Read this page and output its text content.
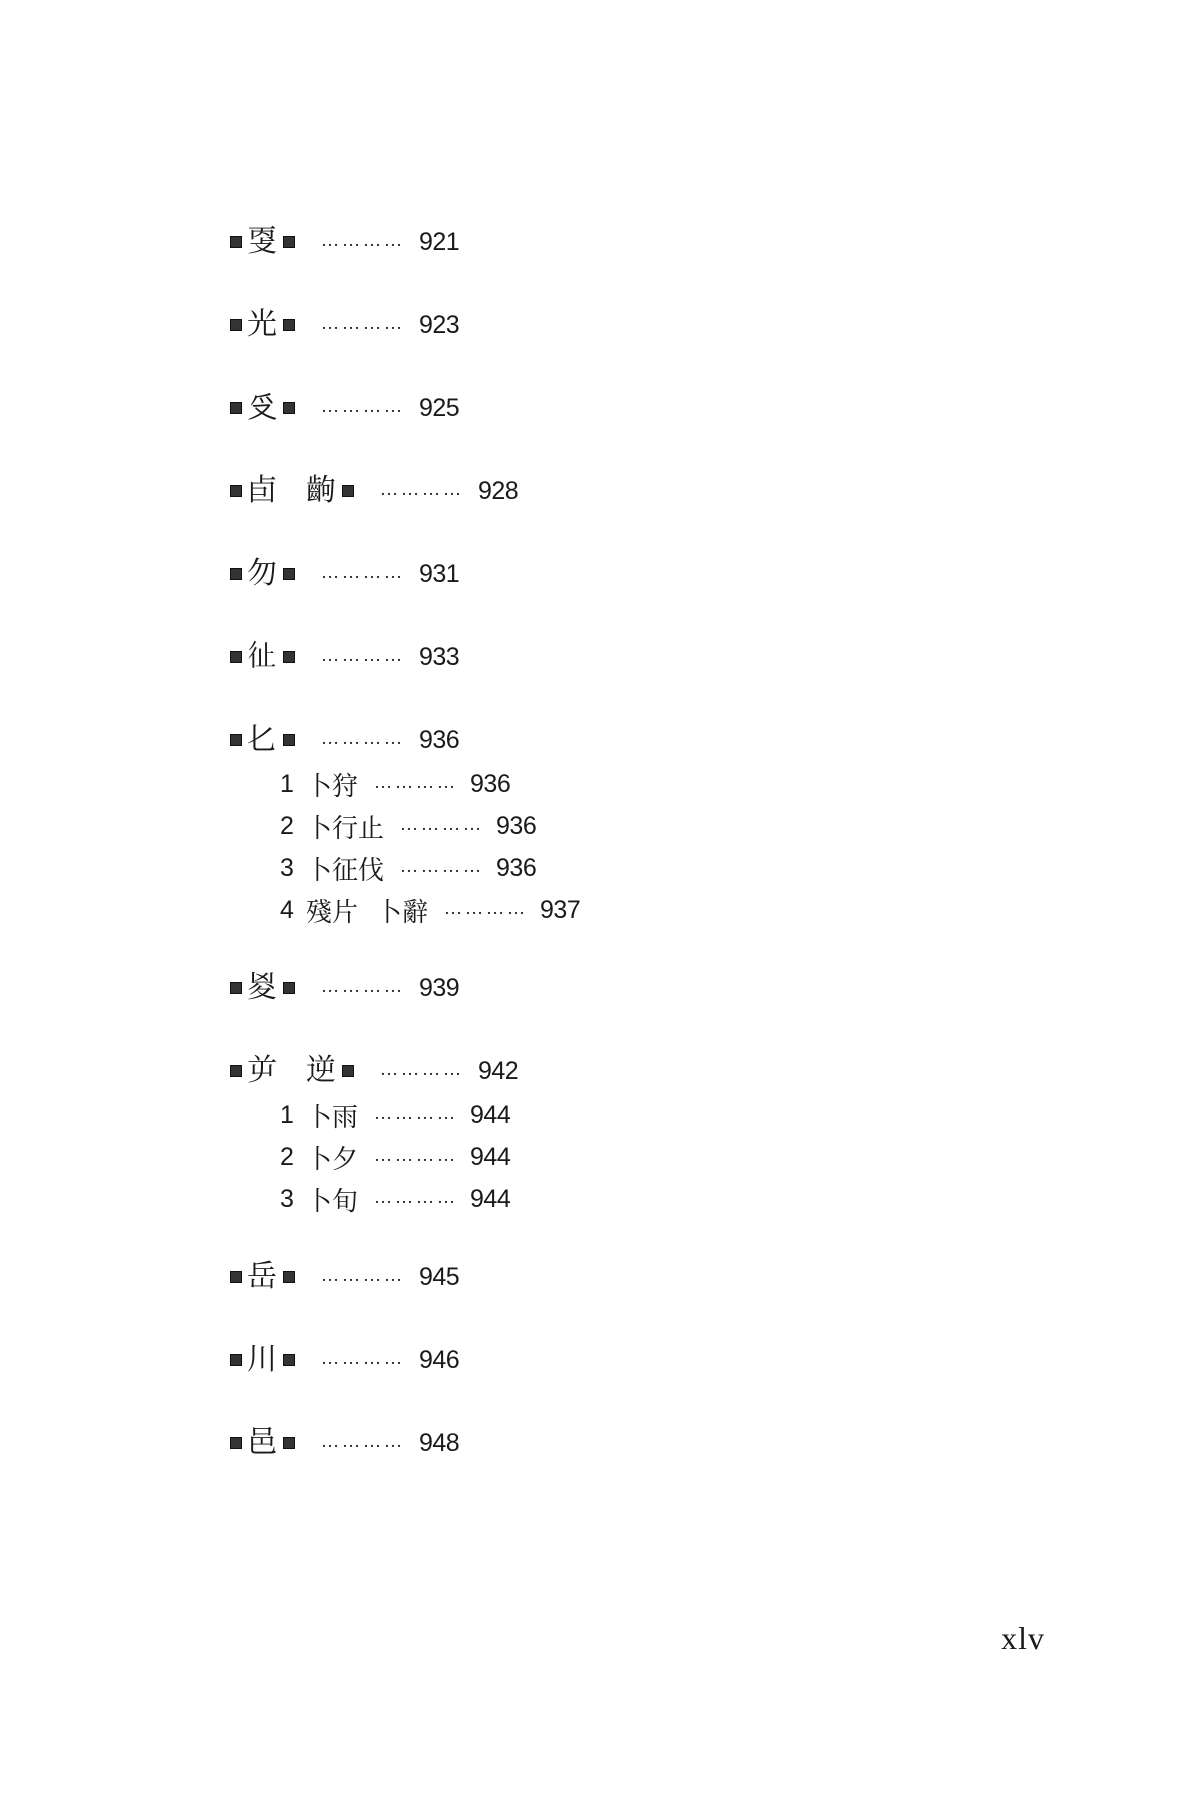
㪅 ………… 921
光 ………… 923
𠬪 ………… 925
卣 齣 ………… 928
勿 ………… 931
𢓊 ………… 933
𠤎 ………… 936
1 卜狩 ………… 936
2 卜行止 ………… 936
3 卜征伐 ………… 936
4 殘片 卜辭 ………… 937
㚇 ………… 939
屰 逆 ………… 942
1 卜雨 ………… 944
2 卜夕 ………… 944
3 卜旬 ………… 944
岳 ………… 945
川 ………… 946
邑 ………… 948
xlv
